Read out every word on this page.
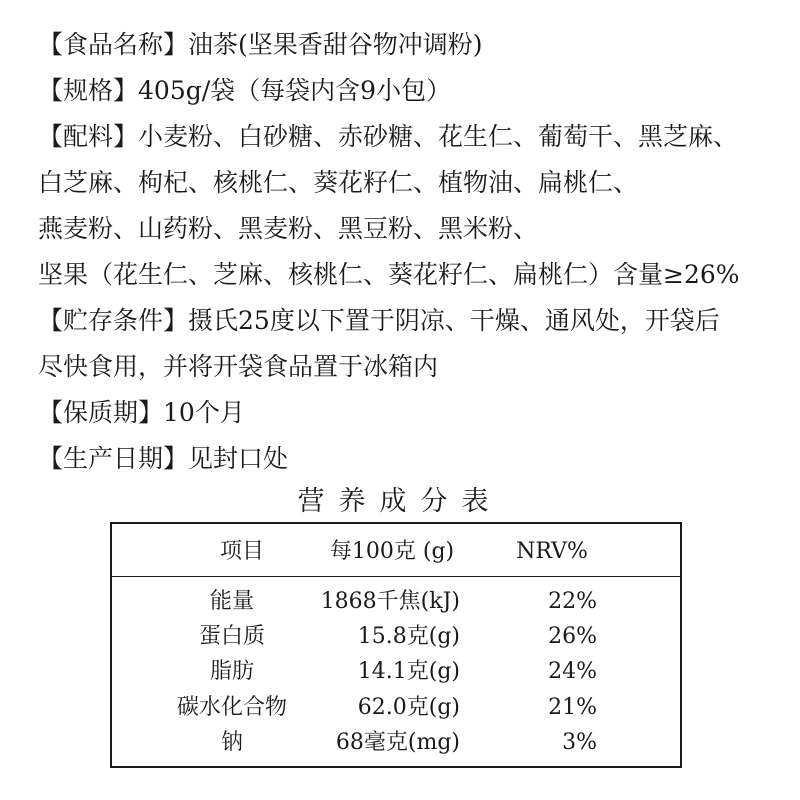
【食品名称】油茶(坚果香甜谷物冲调粉)
【规格】405g/袋（每袋内含9小包）
【配料】小麦粉、白砂糖、赤砂糖、花生仁、葡萄干、黑芝麻、
白芝麻、枸杞、核桃仁、葵花籽仁、植物油、扁桃仁、
燕麦粉、山药粉、黑麦粉、黑豆粉、黑米粉、
坚果（花生仁、芝麻、核桃仁、葵花籽仁、扁桃仁）含量≥26%
【贮存条件】摄氏25度以下置于阴凉、干燥、通风处，开袋后
尽快食用，并将开袋食品置于冰箱内
【保质期】10个月
【生产日期】见封口处
营养成分表
项目	每100克 (g)	NRV%
能量	1868千焦(kJ)	22%
蛋白质	15.8克(g)	26%
脂肪	14.1克(g)	24%
碳水化合物	62.0克(g)	21%
钠	68毫克(mg)	3%
